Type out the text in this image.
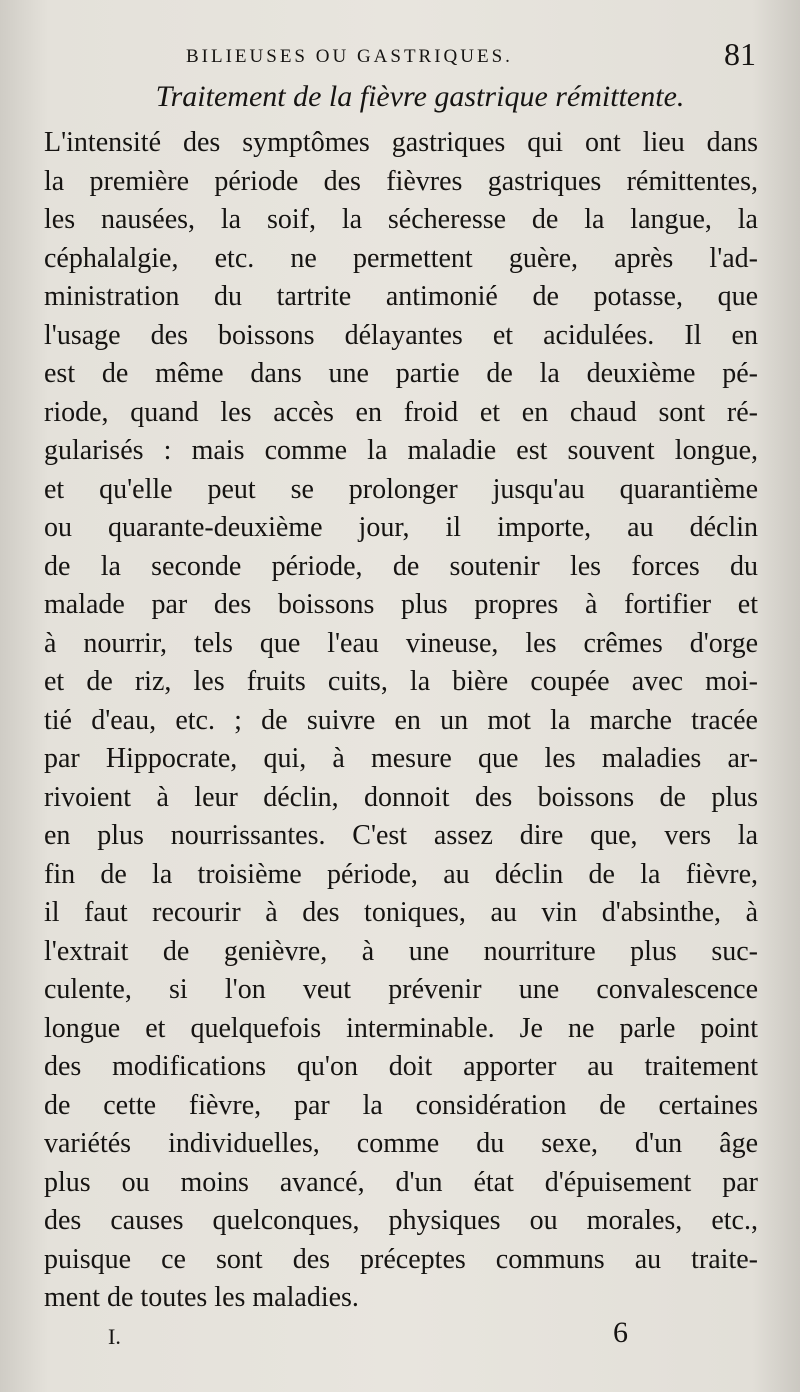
BILIEUSES OU GASTRIQUES.	81
Traitement de la fièvre gastrique rémittente.
L'intensité des symptômes gastriques qui ont lieu dans
la première période des fièvres gastriques rémittentes,
les nausées, la soif, la sécheresse de la langue, la
céphalalgie, etc. ne permettent guère, après l'ad-
ministration du tartrite antimonié de potasse, que
l'usage des boissons délayantes et acidulées. Il en
est de même dans une partie de la deuxième pé-
riode, quand les accès en froid et en chaud sont ré-
gularisés : mais comme la maladie est souvent longue,
et qu'elle peut se prolonger jusqu'au quarantième
ou quarante-deuxième jour, il importe, au déclin
de la seconde période, de soutenir les forces du
malade par des boissons plus propres à fortifier et
à nourrir, tels que l'eau vineuse, les crêmes d'orge
et de riz, les fruits cuits, la bière coupée avec moi-
tié d'eau, etc. ; de suivre en un mot la marche tracée
par Hippocrate, qui, à mesure que les maladies ar-
rivoient à leur déclin, donnoit des boissons de plus
en plus nourrissantes. C'est assez dire que, vers la
fin de la troisième période, au déclin de la fièvre,
il faut recourir à des toniques, au vin d'absinthe, à
l'extrait de genièvre, à une nourriture plus suc-
culente, si l'on veut prévenir une convalescence
longue et quelquefois interminable. Je ne parle point
des modifications qu'on doit apporter au traitement
de cette fièvre, par la considération de certaines
variétés individuelles, comme du sexe, d'un âge
plus ou moins avancé, d'un état d'épuisement par
des causes quelconques, physiques ou morales, etc.,
puisque ce sont des préceptes communs au traite-
ment de toutes les maladies.
I.	6
